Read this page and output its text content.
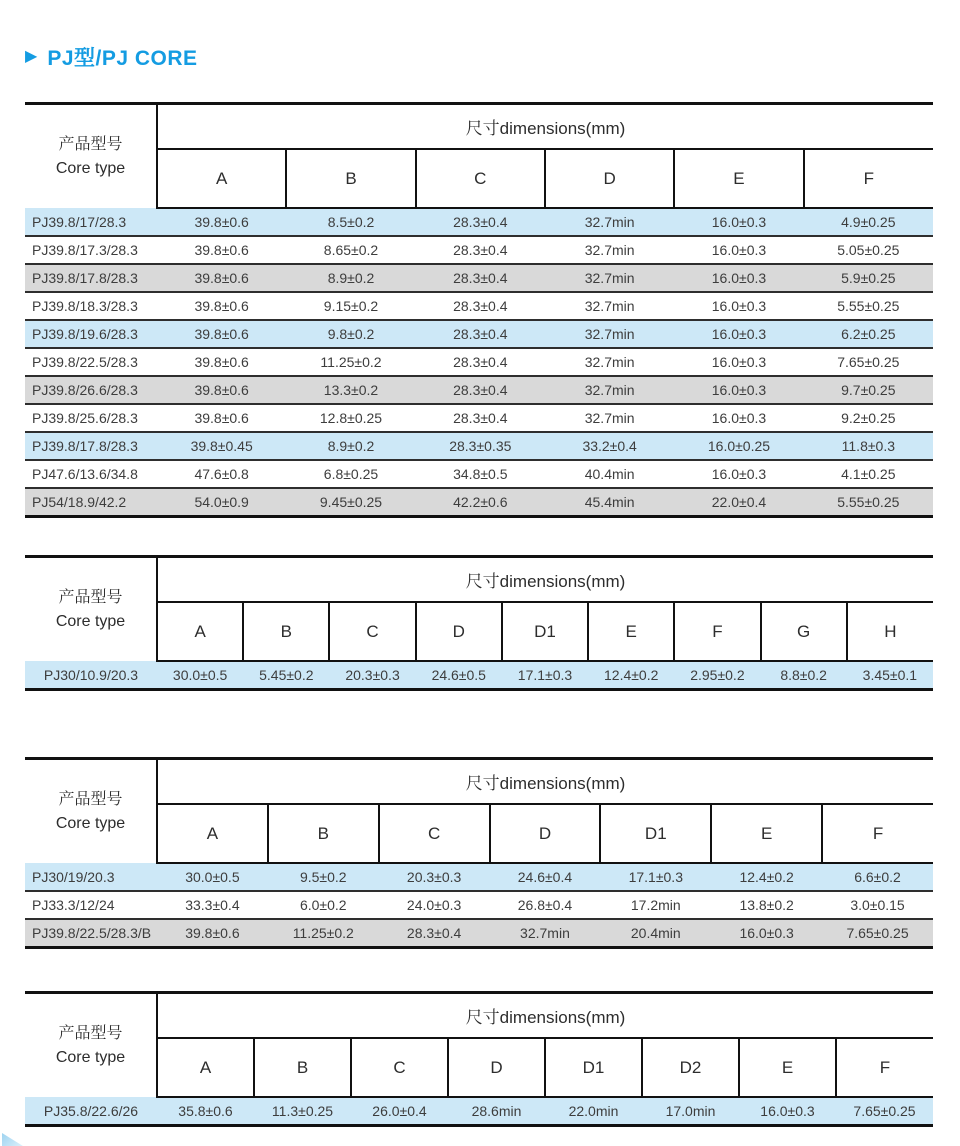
▶ PJ型/PJ CORE
产品型号
Core type	尺寸dimensions(mm)					
	A	B	C	D	E	F
PJ39.8/17/28.3	39.8±0.6	8.5±0.2	28.3±0.4	32.7min	16.0±0.3	4.9±0.25
PJ39.8/17.3/28.3	39.8±0.6	8.65±0.2	28.3±0.4	32.7min	16.0±0.3	5.05±0.25
PJ39.8/17.8/28.3	39.8±0.6	8.9±0.2	28.3±0.4	32.7min	16.0±0.3	5.9±0.25
PJ39.8/18.3/28.3	39.8±0.6	9.15±0.2	28.3±0.4	32.7min	16.0±0.3	5.55±0.25
PJ39.8/19.6/28.3	39.8±0.6	9.8±0.2	28.3±0.4	32.7min	16.0±0.3	6.2±0.25
PJ39.8/22.5/28.3	39.8±0.6	11.25±0.2	28.3±0.4	32.7min	16.0±0.3	7.65±0.25
PJ39.8/26.6/28.3	39.8±0.6	13.3±0.2	28.3±0.4	32.7min	16.0±0.3	9.7±0.25
PJ39.8/25.6/28.3	39.8±0.6	12.8±0.25	28.3±0.4	32.7min	16.0±0.3	9.2±0.25
PJ39.8/17.8/28.3	39.8±0.45	8.9±0.2	28.3±0.35	33.2±0.4	16.0±0.25	11.8±0.3
PJ47.6/13.6/34.8	47.6±0.8	6.8±0.25	34.8±0.5	40.4min	16.0±0.3	4.1±0.25
PJ54/18.9/42.2	54.0±0.9	9.45±0.25	42.2±0.6	45.4min	22.0±0.4	5.55±0.25
产品型号
Core type	尺寸dimensions(mm)								
	A	B	C	D	D1	E	F	G	H
PJ30/10.9/20.3	30.0±0.5	5.45±0.2	20.3±0.3	24.6±0.5	17.1±0.3	12.4±0.2	2.95±0.2	8.8±0.2	3.45±0.1
产品型号
Core type	尺寸dimensions(mm)						
	A	B	C	D	D1	E	F
PJ30/19/20.3	30.0±0.5	9.5±0.2	20.3±0.3	24.6±0.4	17.1±0.3	12.4±0.2	6.6±0.2
PJ33.3/12/24	33.3±0.4	6.0±0.2	24.0±0.3	26.8±0.4	17.2min	13.8±0.2	3.0±0.15
PJ39.8/22.5/28.3/B	39.8±0.6	11.25±0.2	28.3±0.4	32.7min	20.4min	16.0±0.3	7.65±0.25
产品型号
Core type	尺寸dimensions(mm)							
	A	B	C	D	D1	D2	E	F
PJ35.8/22.6/26	35.8±0.6	11.3±0.25	26.0±0.4	28.6min	22.0min	17.0min	16.0±0.3	7.65±0.25
